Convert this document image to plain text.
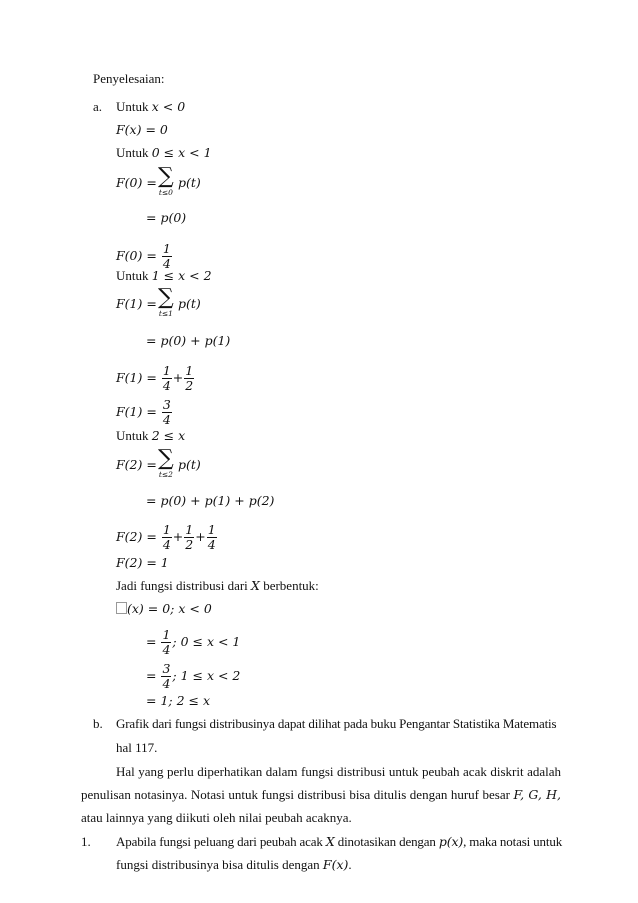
Penyelesaian:
a. Untuk x < 0
F(x) = 0
Untuk 0 ≤ x < 1
F(0) = ∑
t≤0
p(t)
= p(0)
$F(0) = \frac{1}{4}$
Untuk 1 ≤ x < 2
F(1) = ∑
t≤1
p(t)
= p(0) + p(1)
$F(1) = \frac{1}{4} + \frac{1}{2}$
$F(1) = \frac{3}{4}$
Untuk 2 ≤ x
F(2) = ∑
t≤2
p(t)
= p(0) + p(1) + p(2)
$F(2) = \frac{1}{4} + \frac{1}{2} + \frac{1}{4}$
F(2) = 1
Jadi fungsi distribusi dari X berbentuk:
(x) = 0; x < 0
= $\frac{1}{4}$ ; 0 ≤ x < 1
= $\frac{3}{4}$ ; 1 ≤ x < 2
= 1; 2 ≤ x
b. Grafik dari fungsi distribusinya dapat dilihat pada buku Pengantar Statistika Matematis
hal 117.
Hal yang perlu diperhatikan dalam fungsi distribusi untuk peubah acak diskrit adalah
penulisan notasinya. Notasi untuk fungsi distribusi bisa ditulis dengan huruf besar F, G, H,
atau lainnya yang diikuti oleh nilai peubah acaknya.
1. Apabila fungsi peluang dari peubah acak X dinotasikan dengan p(x), maka notasi untuk
fungsi distribusinya bisa ditulis dengan F(x).
